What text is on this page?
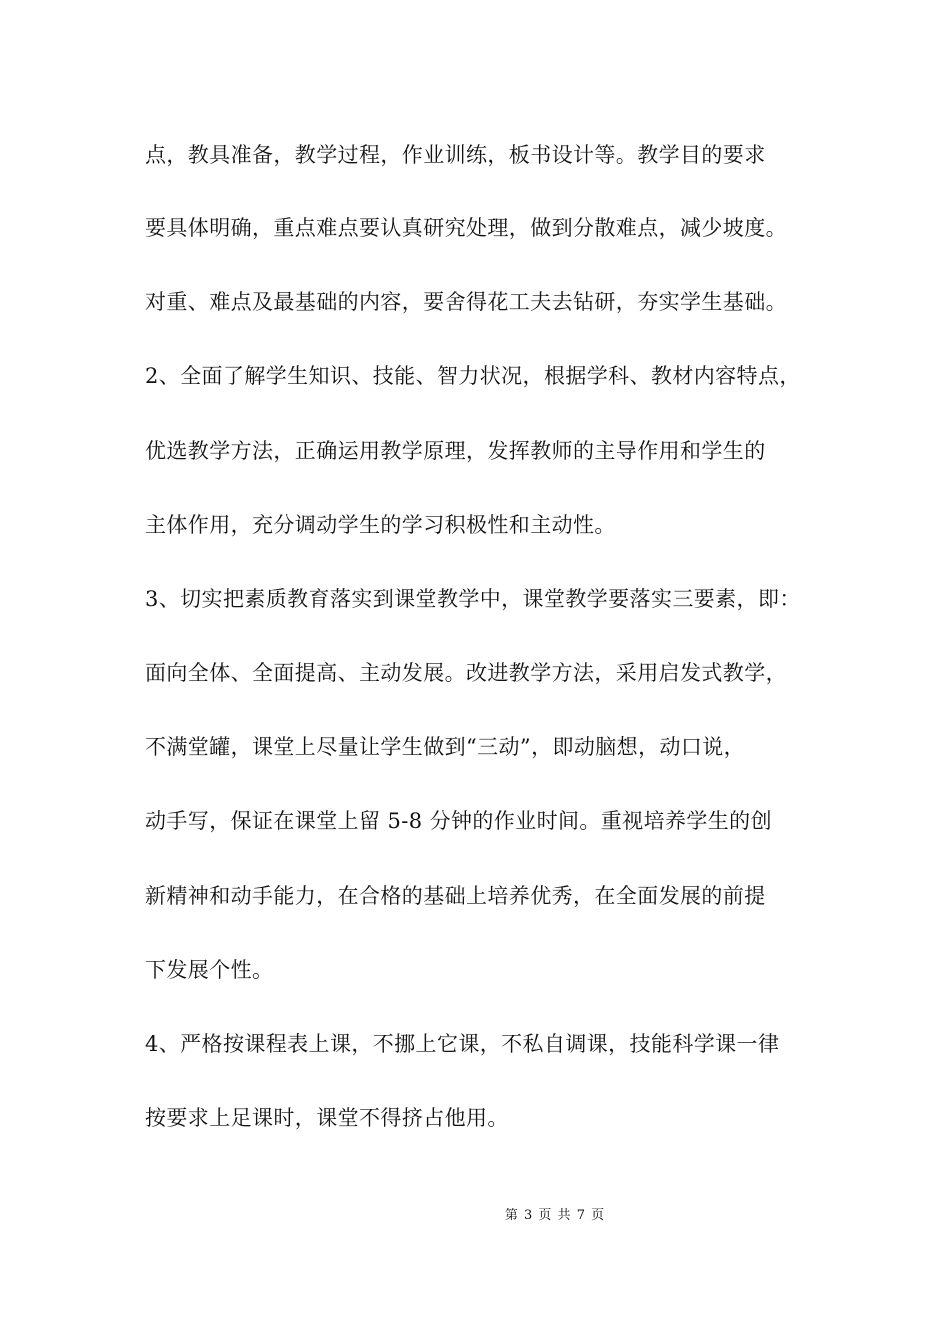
点，教具准备，教学过程，作业训练，板书设计等。教学目的要求
要具体明确，重点难点要认真研究处理，做到分散难点，减少坡度。
对重、难点及最基础的内容，要舍得花工夫去钻研，夯实学生基础。
2、全面了解学生知识、技能、智力状况，根据学科、教材内容特点，
优选教学方法，正确运用教学原理，发挥教师的主导作用和学生的
主体作用，充分调动学生的学习积极性和主动性。
3、切实把素质教育落实到课堂教学中，课堂教学要落实三要素，即：
面向全体、全面提高、主动发展。改进教学方法，采用启发式教学，
不满堂罐，课堂上尽量让学生做到“三动”，即动脑想，动口说，
动手写，保证在课堂上留 5-8 分钟的作业时间。重视培养学生的创
新精神和动手能力，在合格的基础上培养优秀，在全面发展的前提
下发展个性。
4、严格按课程表上课，不挪上它课，不私自调课，技能科学课一律
按要求上足课时，课堂不得挤占他用。
第 3 页 共 7 页
